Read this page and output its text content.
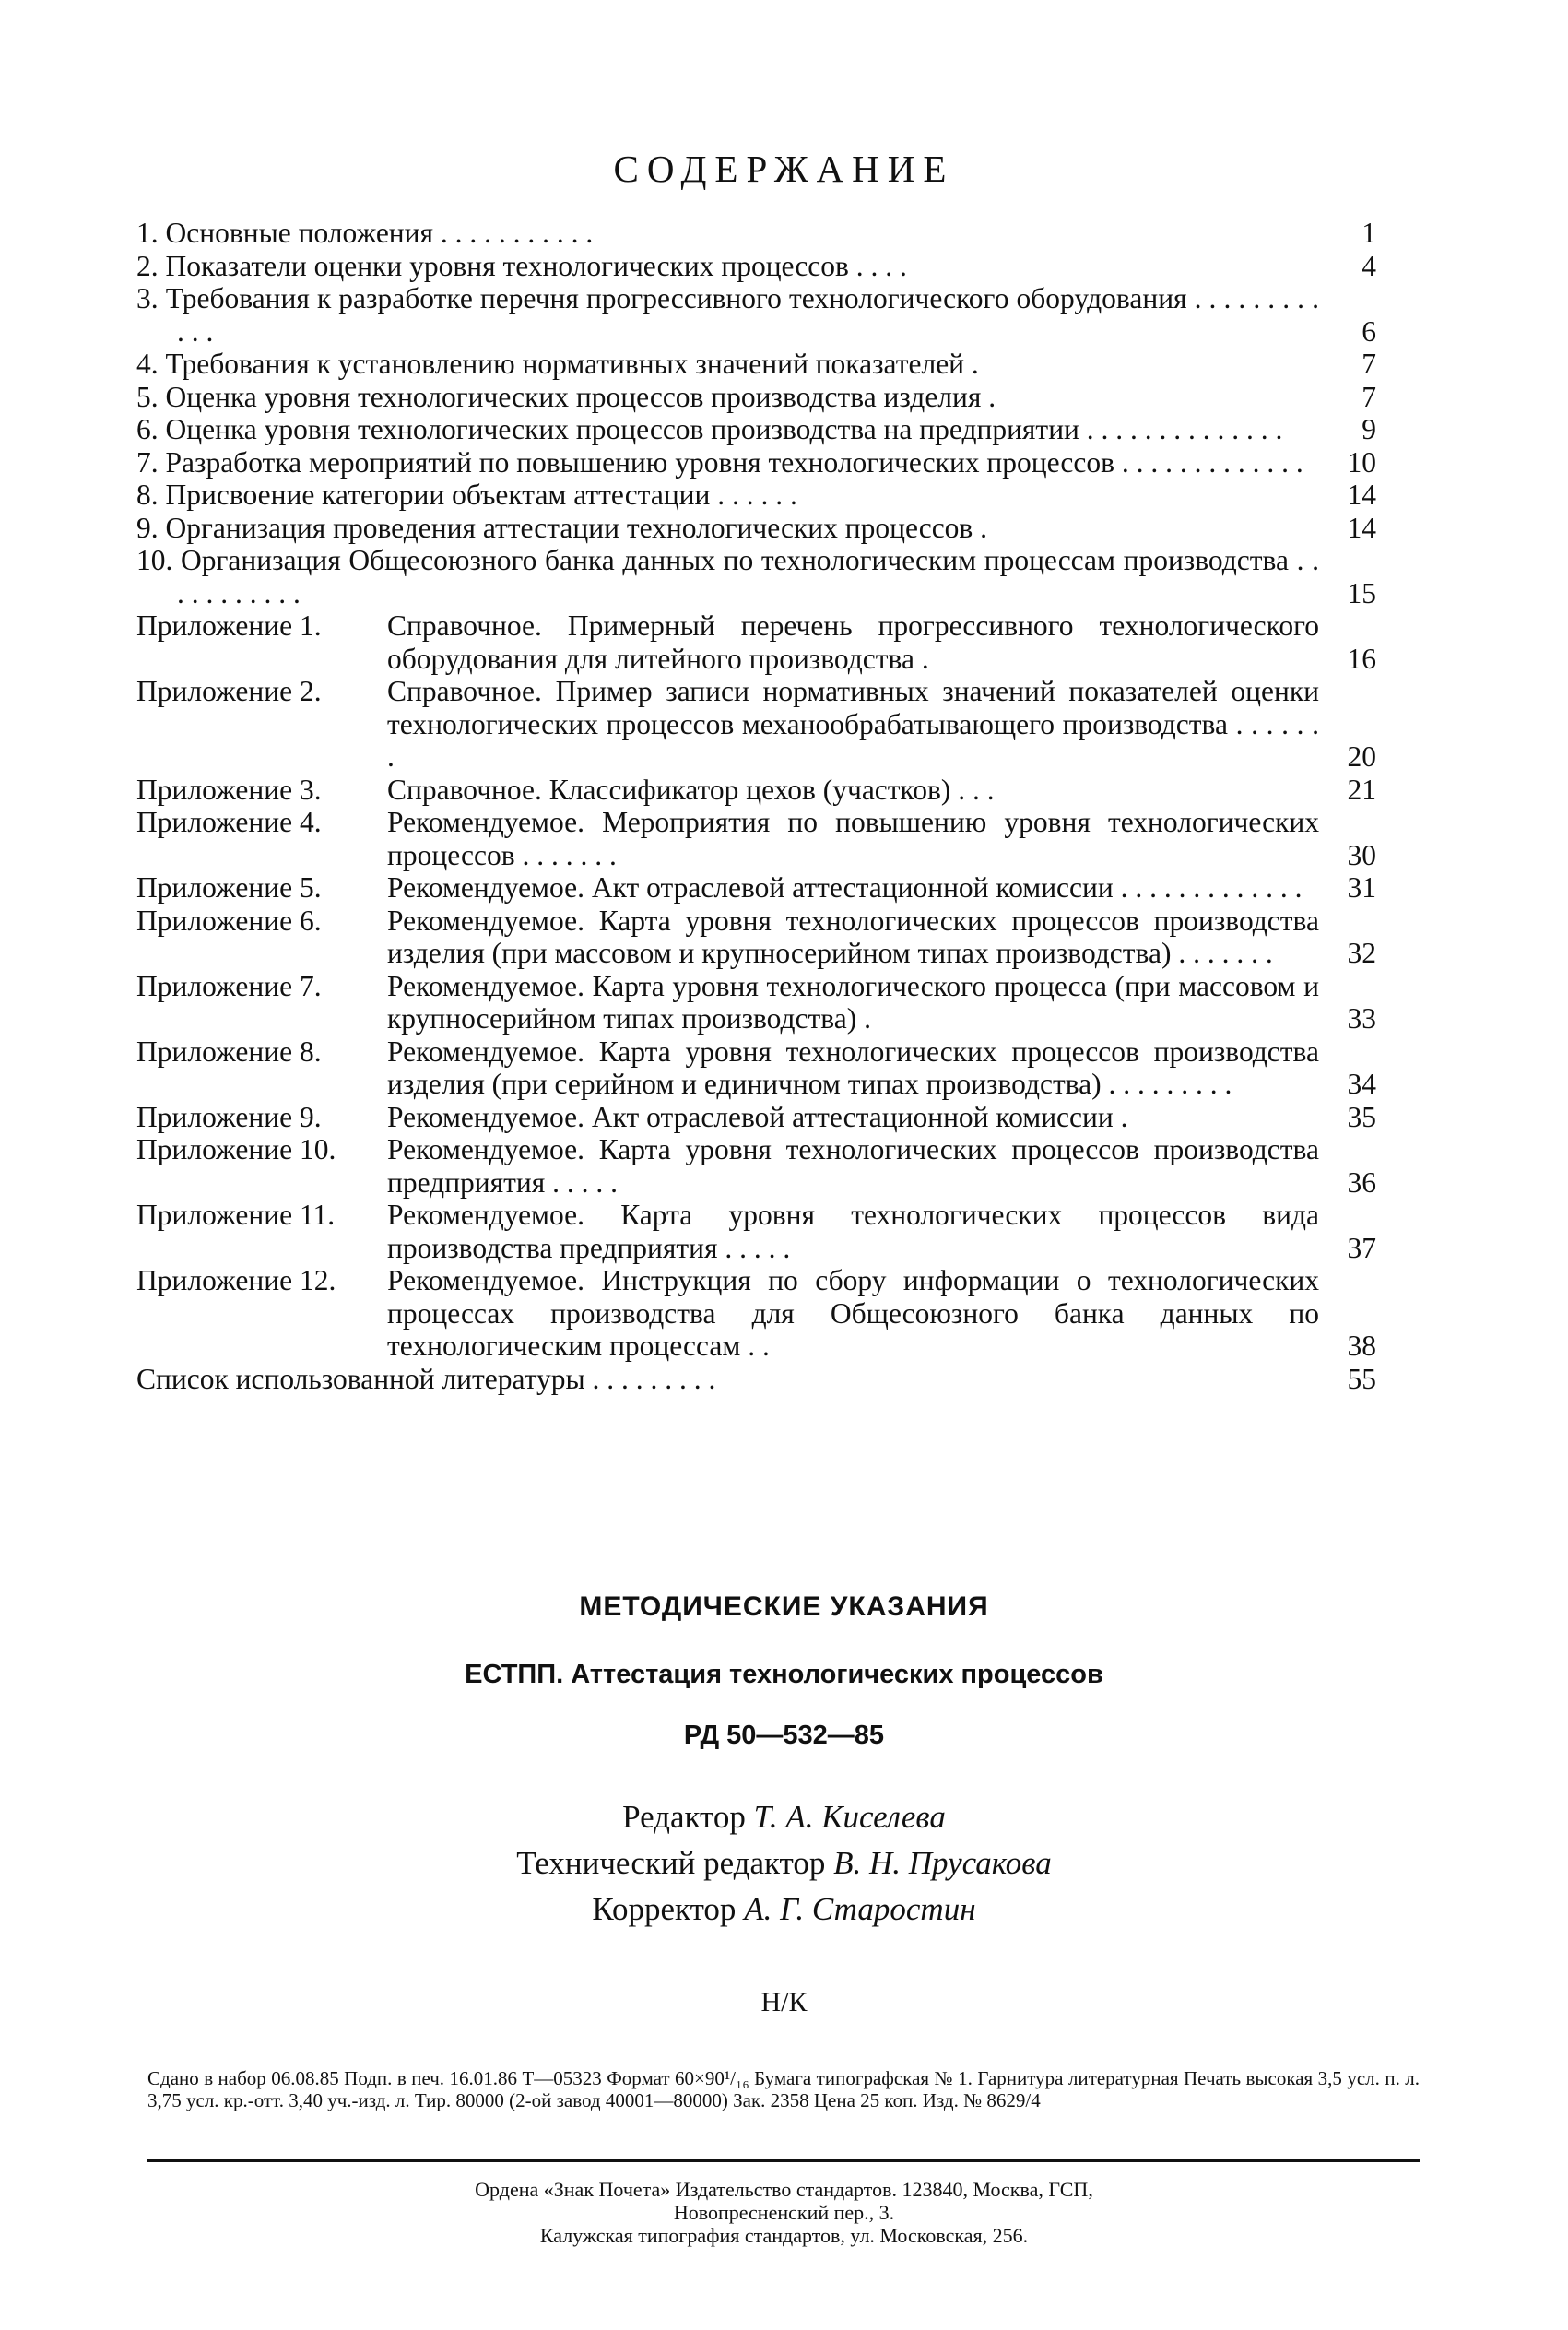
СОДЕРЖАНИЕ
1. Основные положения . . . . . . . . . . .	1
2. Показатели оценки уровня технологических процессов . . . .	4
3. Требования к разработке перечня прогрессивного технологического оборудования . . . . . . . . . . . .	6
4. Требования к установлению нормативных значений показателей .	7
5. Оценка уровня технологических процессов производства изделия .	7
6. Оценка уровня технологических процессов производства на предприятии . . . . . . . . . . . . . .	9
7. Разработка мероприятий по повышению уровня технологических процессов . . . . . . . . . . . . .	10
8. Присвоение категории объектам аттестации . . . . . .	14
9. Организация проведения аттестации технологических процессов .	14
10. Организация Общесоюзного банка данных по технологическим процессам производства . . . . . . . . . . .	15
Приложение 1.	Справочное. Примерный перечень прогрессивного технологического оборудования для литейного производства .	16
Приложение 2.	Справочное. Пример записи нормативных значений показателей оценки технологических процессов механообрабатывающего производства . . . . . . .	20
Приложение 3.	Справочное. Классификатор цехов (участков) . . .	21
Приложение 4.	Рекомендуемое. Мероприятия по повышению уровня технологических процессов . . . . . . .	30
Приложение 5.	Рекомендуемое. Акт отраслевой аттестационной комиссии . . . . . . . . . . . . .	31
Приложение 6.	Рекомендуемое. Карта уровня технологических процессов производства изделия (при массовом и крупносерийном типах производства) . . . . . . .	32
Приложение 7.	Рекомендуемое. Карта уровня технологического процесса (при массовом и крупносерийном типах производства) .	33
Приложение 8.	Рекомендуемое. Карта уровня технологических процессов производства изделия (при серийном и единичном типах производства) . . . . . . . . .	34
Приложение 9.	Рекомендуемое. Акт отраслевой аттестационной комиссии .	35
Приложение 10.	Рекомендуемое. Карта уровня технологических процессов производства предприятия . . . . .	36
Приложение 11.	Рекомендуемое. Карта уровня технологических процессов вида производства предприятия . . . . .	37
Приложение 12.	Рекомендуемое. Инструкция по сбору информации о технологических процессах производства для Общесоюзного банка данных по технологическим процессам . .	38
Список использованной литературы . . . . . . . . .	55
МЕТОДИЧЕСКИЕ УКАЗАНИЯ
ЕСТПП. Аттестация технологических процессов
РД 50—532—85
Редактор Т. А. Киселева
Технический редактор В. Н. Прусакова
Корректор А. Г. Старостин
Н/К
Сдано в набор 06.08.85 Подп. в печ. 16.01.86 Т—05323 Формат 60×90¹/₁₆ Бумага типографская № 1. Гарнитура литературная Печать высокая 3,5 усл. п. л. 3,75 усл. кр.-отт. 3,40 уч.-изд. л. Тир. 80000 (2-ой завод 40001—80000) Зак. 2358 Цена 25 коп. Изд. № 8629/4
Ордена «Знак Почета» Издательство стандартов. 123840, Москва, ГСП,
Новопресненский пер., 3.
Калужская типография стандартов, ул. Московская, 256.
